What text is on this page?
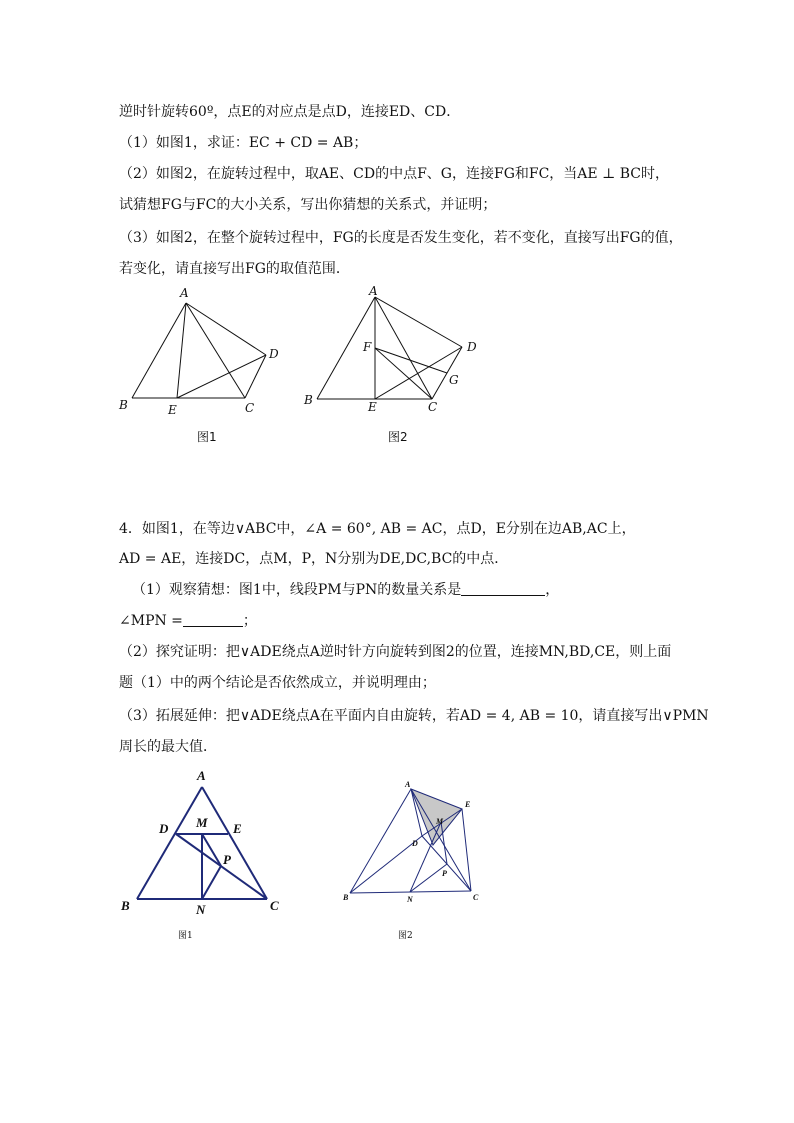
逆时针旋转60º，点E的对应点是点D，连接ED、CD．
（1）如图1，求证：EC + CD = AB；
（2）如图2，在旋转过程中，取AE、CD的中点F、G，连接FG和FC，当AE ⊥ BC时，
试猜想FG与FC的大小关系，写出你猜想的关系式，并证明；
（3）如图2，在整个旋转过程中，FG的长度是否发生变化，若不变化，直接写出FG的值，
若变化，请直接写出FG的取值范围．
4．如图1，在等边∨ABC中，∠A = 60°, AB = AC，点D，E分别在边AB,AC上，
AD = AE，连接DC，点M，P，N分别为DE,DC,BC的中点．
（1）观察猜想：图1中，线段PM与PN的数量关系是	，
∠MPN =	；
（2）探究证明：把∨ADE绕点A逆时针方向旋转到图2的位置，连接MN,BD,CE，则上面
题（1）中的两个结论是否依然成立，并说明理由；
（3）拓展延伸：把∨ADE绕点A在平面内自由旋转，若AD = 4, AB = 10，请直接写出∨PMN
周长的最大值．
A
B	E	C
D
图1
A
B	E	C
D
F
G
图2
A
B	C
D	E
M
N
P
图1
A
B	C
D
E
M
N
P
图2
